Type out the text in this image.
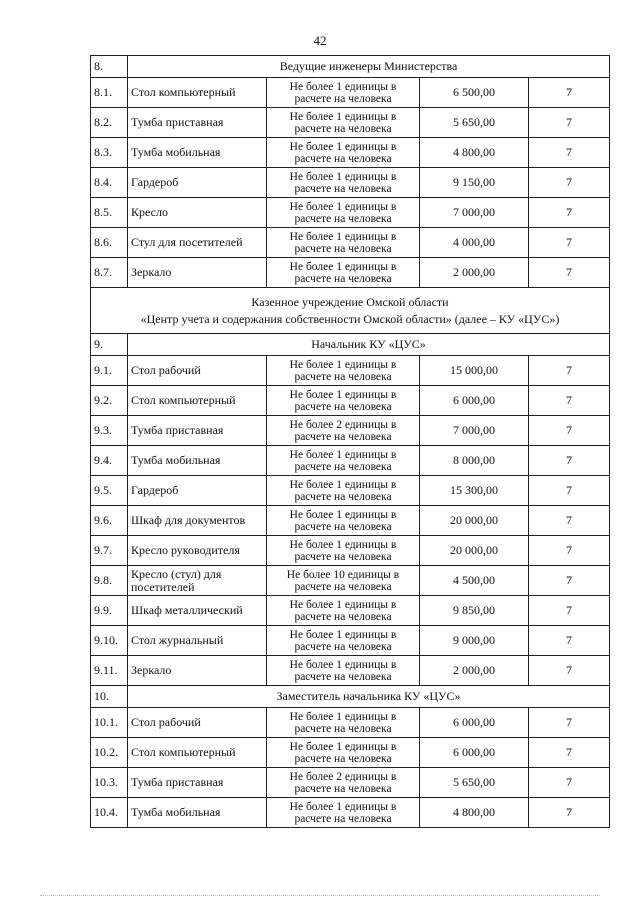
42
8.	Ведущие инженеры Министерства			
8.1.	Стол компьютерный	Не более 1 единицы в расчете на человека	6 500,00	7
8.2.	Тумба приставная	Не более 1 единицы в расчете на человека	5 650,00	7
8.3.	Тумба мобильная	Не более 1 единицы в расчете на человека	4 800,00	7
8.4.	Гардероб	Не более 1 единицы в расчете на человека	9 150,00	7
8.5.	Кресло	Не более 1 единицы в расчете на человека	7 000,00	7
8.6.	Стул для посетителей	Не более 1 единицы в расчете на человека	4 000,00	7
8.7.	Зеркало	Не более 1 единицы в расчете на человека	2 000,00	7

Казенное учреждение Омской области
«Центр учета и содержания собственности Омской области» (далее – КУ «ЦУС»)				

9.	Начальник КУ «ЦУС»			
9.1.	Стол рабочий	Не более 1 единицы в расчете на человека	15 000,00	7
9.2.	Стол компьютерный	Не более 1 единицы в расчете на человека	6 000,00	7
9.3.	Тумба приставная	Не более 2 единицы в расчете на человека	7 000,00	7
9.4.	Тумба мобильная	Не более 1 единицы в расчете на человека	8 000,00	7
9.5.	Гардероб	Не более 1 единицы в расчете на человека	15 300,00	7
9.6.	Шкаф для документов	Не более 1 единицы в расчете на человека	20 000,00	7
9.7.	Кресло руководителя	Не более 1 единицы в расчете на человека	20 000,00	7
9.8.	Кресло (стул) для посетителей	Не более 10 единицы в расчете на человека	4 500,00	7
9.9.	Шкаф металлический	Не более 1 единицы в расчете на человека	9 850,00	7
9.10.	Стол журнальный	Не более 1 единицы в расчете на человека	9 000,00	7
9.11.	Зеркало	Не более 1 единицы в расчете на человека	2 000,00	7
10.	Заместитель начальника КУ «ЦУС»			
10.1.	Стол рабочий	Не более 1 единицы в расчете на человека	6 000,00	7
10.2.	Стол компьютерный	Не более 1 единицы в расчете на человека	6 000,00	7
10.3.	Тумба приставная	Не более 2 единицы в расчете на человека	5 650,00	7
10.4.	Тумба мобильная	Не более 1 единицы в расчете на человека	4 800,00	7
